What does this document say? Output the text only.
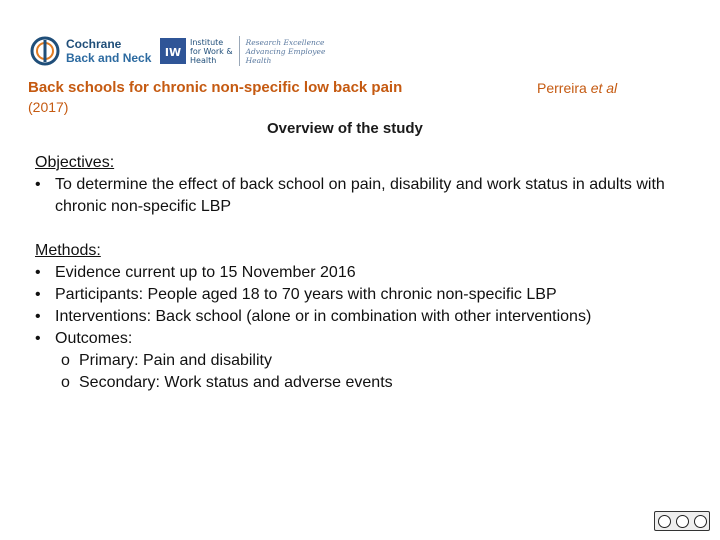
Cochrane
Back and Neck IW
Institute
for Work &
Health
Research Excellence
Advancing Employee
Health
Back schools for chronic non-specific low back pain	Perreira et al
(2017)
Overview of the study
Objectives:
• To determine the effect of back school on pain, disability and work status in adults with chronic non-specific LBP
Methods:
• Evidence current up to 15 November 2016
• Participants: People aged 18 to 70 years with chronic non-specific LBP
• Interventions: Back school (alone or in combination with other interventions)
• Outcomes:
o Primary: Pain and disability
o Secondary: Work status and adverse events
